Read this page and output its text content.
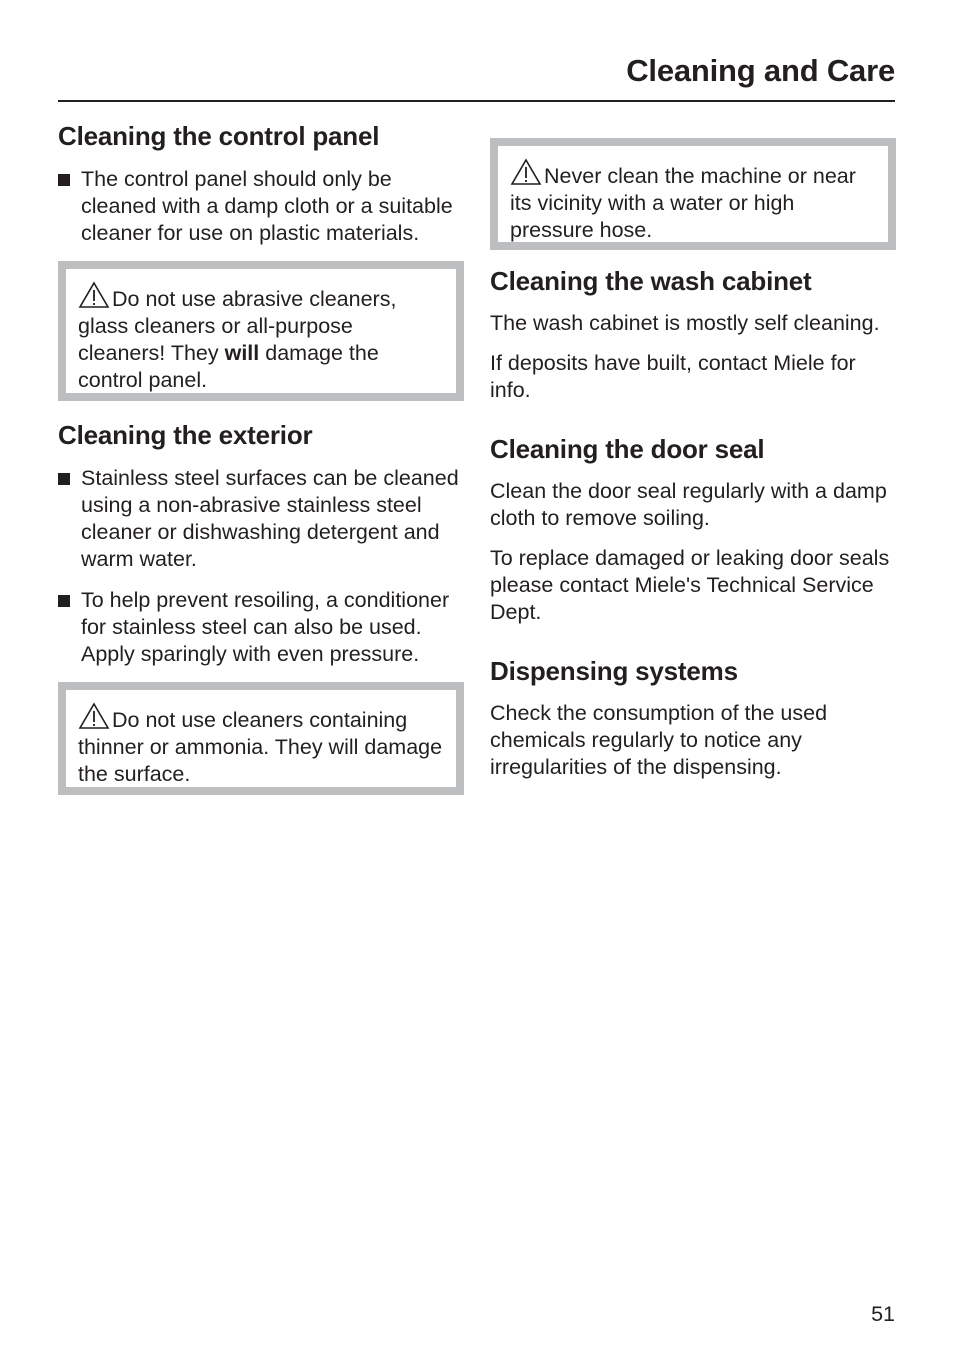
Cleaning and Care
Cleaning the control panel
The control panel should only be cleaned with a damp cloth or a suitable cleaner for use on plastic materials.
Do not use abrasive cleaners, glass cleaners or all-purpose cleaners! They will damage the control panel.
Cleaning the exterior
Stainless steel surfaces can be cleaned using a non-abrasive stainless steel cleaner or dishwashing detergent and warm water.
To help prevent resoiling, a conditioner for stainless steel can also be used. Apply sparingly with even pressure.
Do not use cleaners containing thinner or ammonia. They will damage the surface.
Never clean the machine or near its vicinity with a water or high pressure hose.
Cleaning the wash cabinet

The wash cabinet is mostly self cleaning.

If deposits have built, contact Miele for info.

Cleaning the door seal

Clean the door seal regularly with a damp cloth to remove soiling.

To replace damaged or leaking door seals please contact Miele's Technical Service Dept.

Dispensing systems

Check the consumption of the used chemicals regularly to notice any irregularities of the dispensing.

51
